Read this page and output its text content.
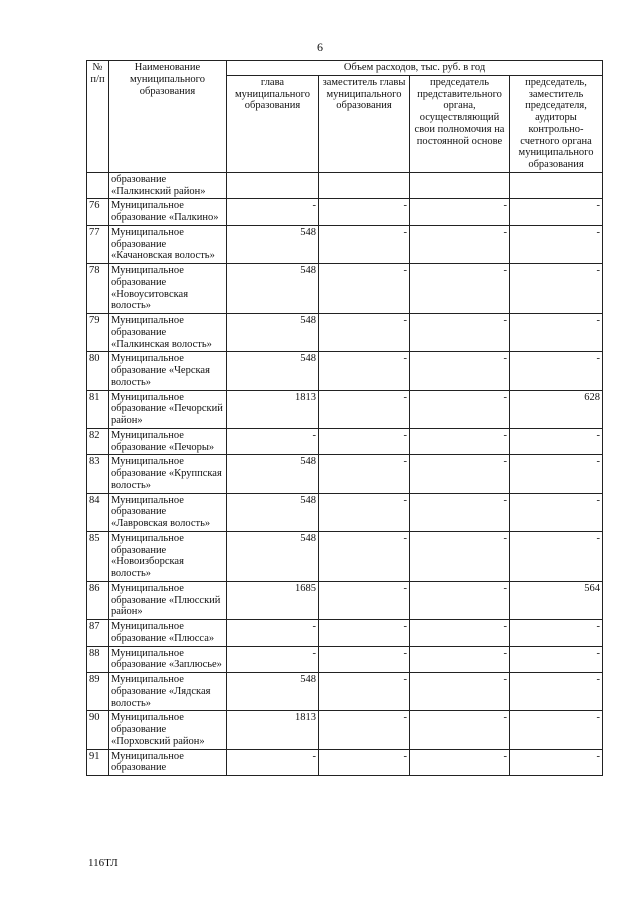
6
№ п/п	Наименование муниципального образования	Объем расходов, тыс. руб. в год			
		глава муниципального образования	заместитель главы муниципального образования	председатель представительного органа, осуществляющий свои полномочия на постоянной основе	председатель, заместитель председателя, аудиторы контрольно-счетного органа муниципального образования
	образование «Палкинский район»				
76	Муниципальное образование «Палкино»	-	-	-	-
77	Муниципальное образование «Качановская волость»	548	-	-	-
78	Муниципальное образование «Новоуситовская волость»	548	-	-	-
79	Муниципальное образование «Палкинская волость»	548	-	-	-
80	Муниципальное образование «Черская волость»	548	-	-	-
81	Муниципальное образование «Печорский район»	1813	-	-	628
82	Муниципальное образование «Печоры»	-	-	-	-
83	Муниципальное образование «Круппская волость»	548	-	-	-
84	Муниципальное образование «Лавровская волость»	548	-	-	-
85	Муниципальное образование «Новоизборская волость»	548	-	-	-
86	Муниципальное образование «Плюсский район»	1685	-	-	564
87	Муниципальное образование «Плюсса»	-	-	-	-
88	Муниципальное образование «Заплюсье»	-	-	-	-
89	Муниципальное образование «Лядская волость»	548	-	-	-
90	Муниципальное образование «Порховский район»	1813	-	-	-
91	Муниципальное образование	-	-	-	-
116ТЛ
